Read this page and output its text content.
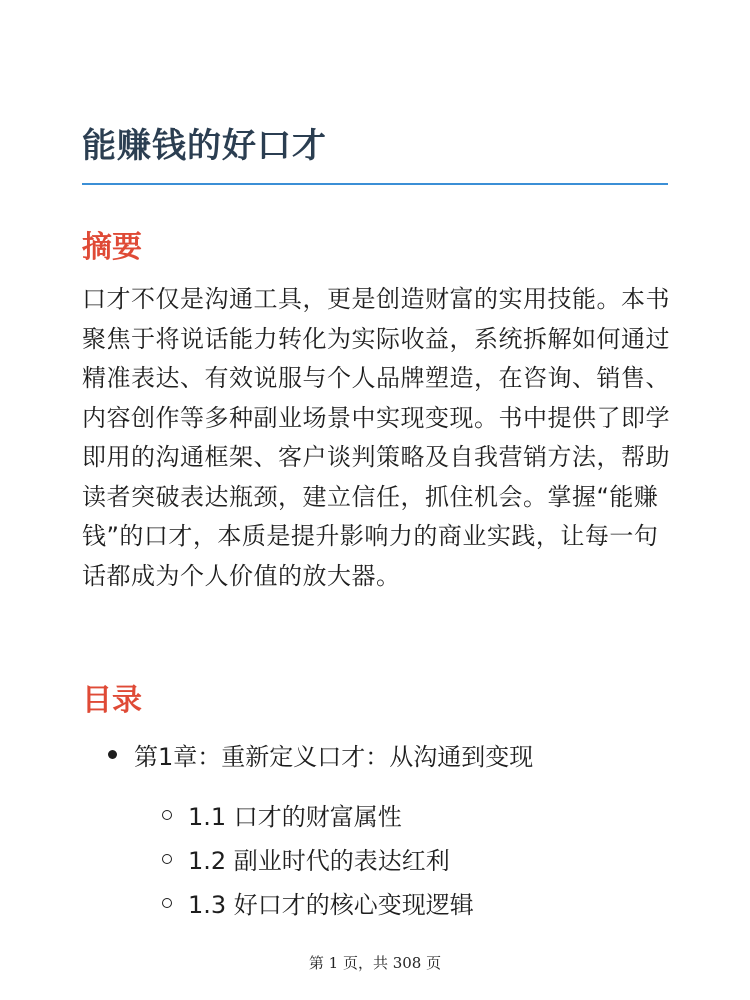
能赚钱的好口才
摘要

口才不仅是沟通工具，更是创造财富的实用技能。本书聚焦于将说话能力转化为实际收益，系统拆解如何通过精准表达、有效说服与个人品牌塑造，在咨询、销售、内容创作等多种副业场景中实现变现。书中提供了即学即用的沟通框架、客户谈判策略及自我营销方法，帮助读者突破表达瓶颈，建立信任，抓住机会。掌握“能赚钱”的口才，本质是提升影响力的商业实践，让每一句话都成为个人价值的放大器。

目录
第1章：重新定义口才：从沟通到变现
1.1 口才的财富属性
1.2 副业时代的表达红利
1.3 好口才的核心变现逻辑
第 1 页，共 308 页
